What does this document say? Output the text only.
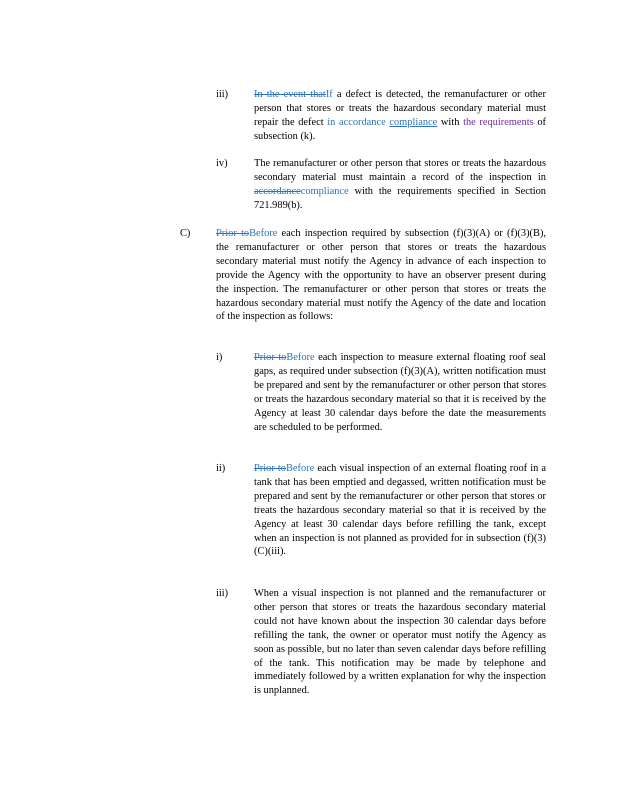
iii) In the event thatIf a defect is detected, the remanufacturer or other person that stores or treats the hazardous secondary material must repair the defect in accordance compliance with the requirements of subsection (k).
iv)	The remanufacturer or other person that stores or treats the hazardous secondary material must maintain a record of the inspection in accordancecompliance with the requirements specified in Section 721.989(b).
C) Prior toBefore each inspection required by subsection (f)(3)(A) or (f)(3)(B), the remanufacturer or other person that stores or treats the hazardous secondary material must notify the Agency in advance of each inspection to provide the Agency with the opportunity to have an observer present during the inspection. The remanufacturer or other person that stores or treats the hazardous secondary material must notify the Agency of the date and location of the inspection as follows:
i)	Prior toBefore each inspection to measure external floating roof seal gaps, as required under subsection (f)(3)(A), written notification must be prepared and sent by the remanufacturer or other person that stores or treats the hazardous secondary material so that it is received by the Agency at least 30 calendar days before the date the measurements are scheduled to be performed.
ii)	Prior toBefore each visual inspection of an external floating roof in a tank that has been emptied and degassed, written notification must be prepared and sent by the remanufacturer or other person that stores or treats the hazardous secondary material so that it is received by the Agency at least 30 calendar days before refilling the tank, except when an inspection is not planned as provided for in subsection (f)(3)(C)(iii).
iii) When a visual inspection is not planned and the remanufacturer or other person that stores or treats the hazardous secondary material could not have known about the inspection 30 calendar days before refilling the tank, the owner or operator must notify the Agency as soon as possible, but no later than seven calendar days before refilling of the tank. This notification may be made by telephone and immediately followed by a written explanation for why the inspection is unplanned.
